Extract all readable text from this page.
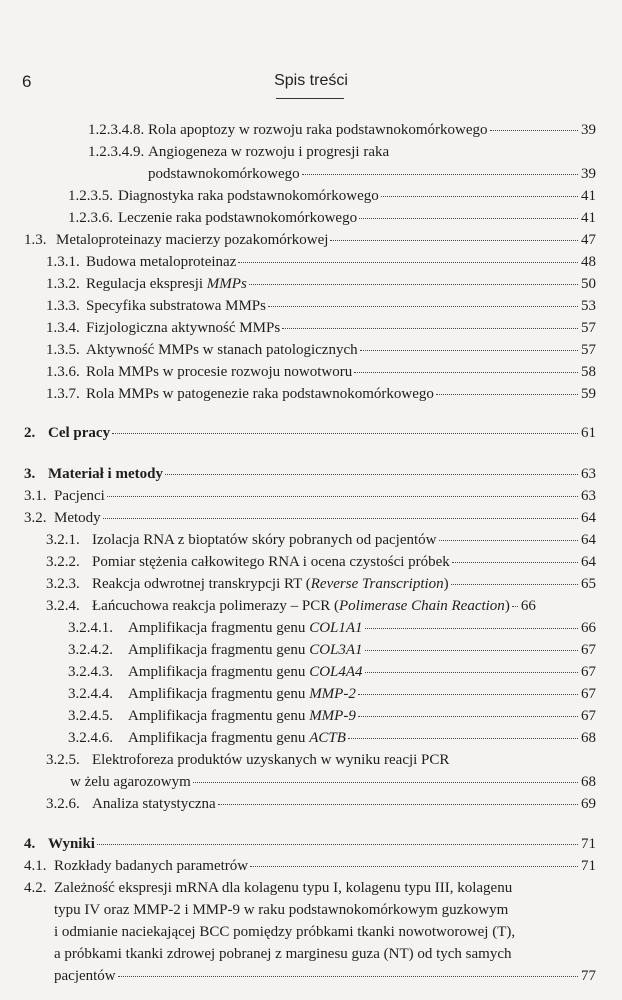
6	Spis treści
1.2.3.4.8. Rola apoptozy w rozwoju raka podstawnokomórkowego	39
1.2.3.4.9. Angiogeneza w rozwoju i progresji raka
podstawnokomórkowego	39
1.2.3.5. Diagnostyka raka podstawnokomórkowego	41
1.2.3.6. Leczenie raka podstawnokomórkowego	41
1.3. Metaloproteinazy macierzy pozakomórkowej	47
1.3.1. Budowa metaloproteinaz	48
1.3.2. Regulacja ekspresji MMPs	50
1.3.3. Specyfika substratowa MMPs	53
1.3.4. Fizjologiczna aktywność MMPs	57
1.3.5. Aktywność MMPs w stanach patologicznych	57
1.3.6. Rola MMPs w procesie rozwoju nowotworu	58
1.3.7. Rola MMPs w patogenezie raka podstawnokomórkowego	59
2. Cel pracy	61
3. Materiał i metody	63
3.1. Pacjenci	63
3.2. Metody	64
3.2.1. Izolacja RNA z bioptatów skóry pobranych od pacjentów	64
3.2.2. Pomiar stężenia całkowitego RNA i ocena czystości próbek	64
3.2.3. Reakcja odwrotnej transkrypcji RT (Reverse Transcription)	65
3.2.4. Łańcuchowa reakcja polimerazy – PCR (Polimerase Chain Reaction) 66
3.2.4.1.	Amplifikacja fragmentu genu COL1A1	66
3.2.4.2.	Amplifikacja fragmentu genu COL3A1	67
3.2.4.3.	Amplifikacja fragmentu genu COL4A4	67
3.2.4.4.	Amplifikacja fragmentu genu MMP-2	67
3.2.4.5.	Amplifikacja fragmentu genu MMP-9	67
3.2.4.6.	Amplifikacja fragmentu genu ACTB	68
3.2.5. Elektroforeza produktów uzyskanych w wyniku reacji PCR
w żelu agarozowym	68
3.2.6. Analiza statystyczna	69
4. Wyniki	71
4.1. Rozkłady badanych parametrów	71
4.2. Zależność ekspresji mRNA dla kolagenu typu I, kolagenu typu III, kolagenu
typu IV oraz MMP-2 i MMP-9 w raku podstawnokomórkowym guzkowym
i odmianie naciekającej BCC pomiędzy próbkami tkanki nowotworowej (T),
a próbkami tkanki zdrowej pobranej z marginesu guza (NT) od tych samych
pacjentów	77
